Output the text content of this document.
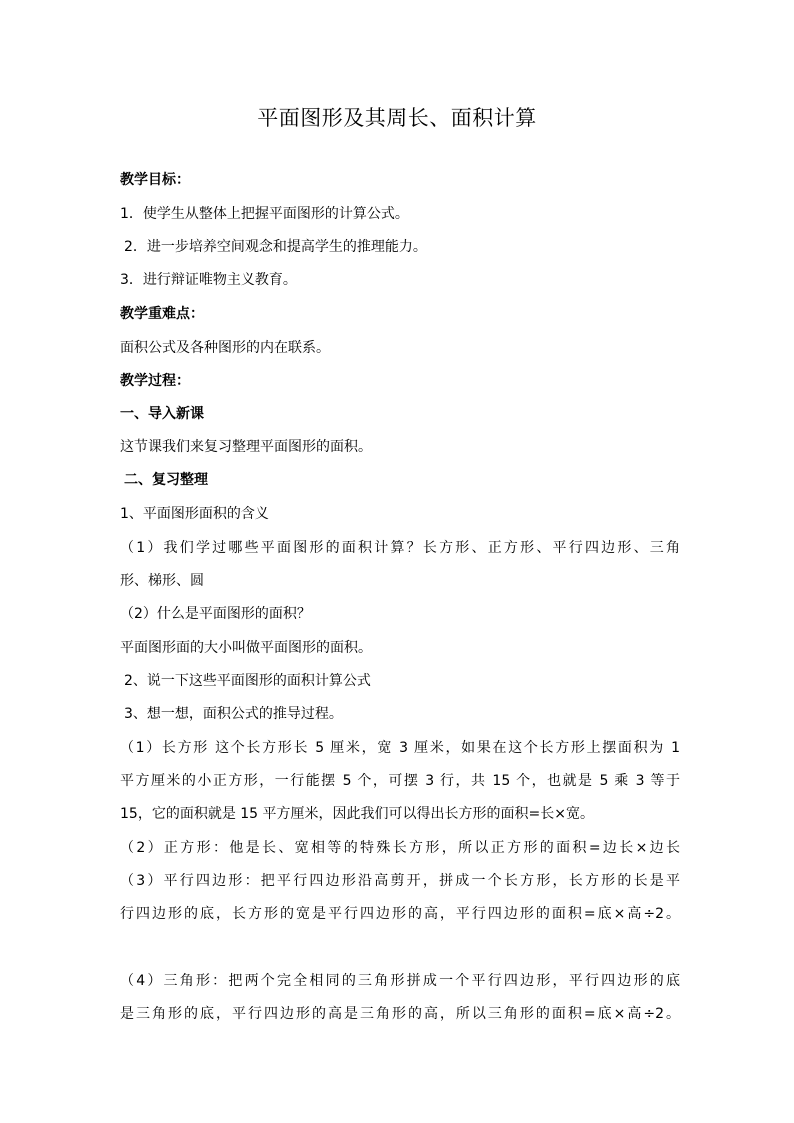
平面图形及其周长、面积计算
教学目标：
1．使学生从整体上把握平面图形的计算公式。
2．进一步培养空间观念和提高学生的推理能力。
3．进行辩证唯物主义教育。
教学重难点：
面积公式及各种图形的内在联系。
教学过程：
一、导入新课
这节课我们来复习整理平面图形的面积。
二、复习整理
1、平面图形面积的含义
（1）我们学过哪些平面图形的面积计算？长方形、正方形、平行四边形、三角
形、梯形、圆
（2）什么是平面图形的面积？
平面图形面的大小叫做平面图形的面积。
2、说一下这些平面图形的面积计算公式
3、想一想，面积公式的推导过程。
（1）长方形 这个长方形长 5 厘米，宽 3 厘米，如果在这个长方形上摆面积为 1
平方厘米的小正方形，一行能摆 5 个，可摆 3 行，共 15 个，也就是 5 乘 3 等于
15，它的面积就是 15 平方厘米，因此我们可以得出长方形的面积=长×宽。
（2）正方形：他是长、宽相等的特殊长方形，所以正方形的面积=边长×边长
（3）平行四边形：把平行四边形沿高剪开，拼成一个长方形，长方形的长是平
行四边形的底，长方形的宽是平行四边形的高，平行四边形的面积=底×高÷2。
（4）三角形：把两个完全相同的三角形拼成一个平行四边形，平行四边形的底
是三角形的底，平行四边形的高是三角形的高，所以三角形的面积=底×高÷2。
